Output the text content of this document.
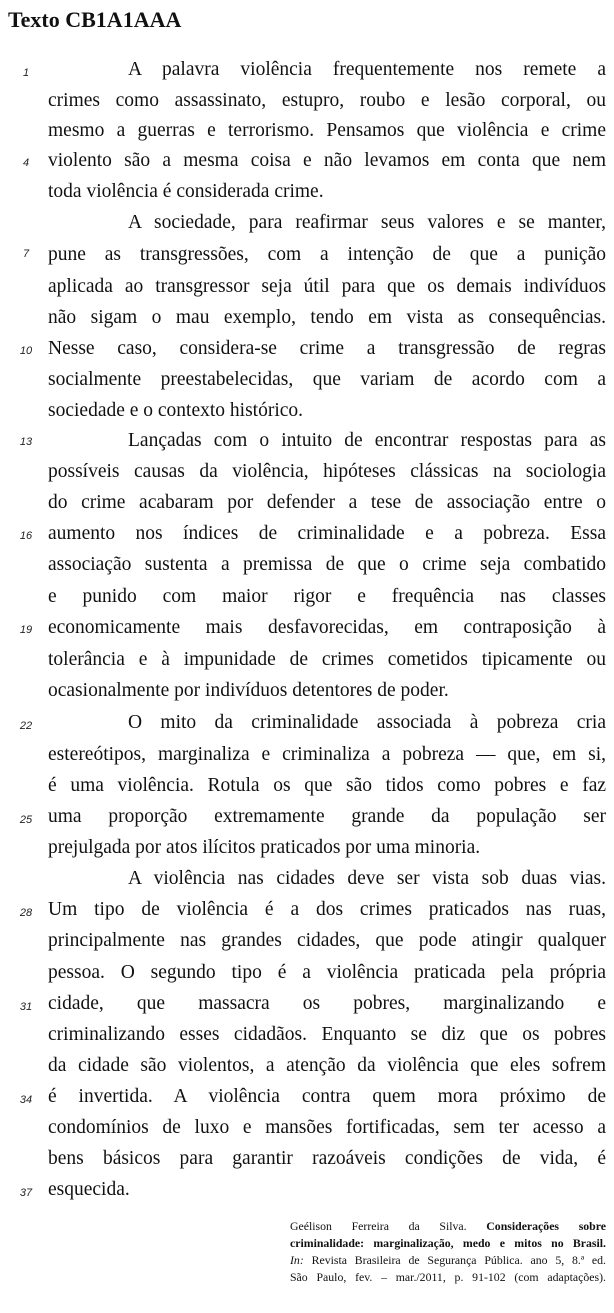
Texto CB1A1AAA
1
4
7
10
13
16
19
22
25
28
31
34
37
A palavra violência frequentemente nos remete a
crimes como assassinato, estupro, roubo e lesão corporal, ou
mesmo a guerras e terrorismo. Pensamos que violência e crime
violento são a mesma coisa e não levamos em conta que nem
toda violência é considerada crime.
A sociedade, para reafirmar seus valores e se manter,
pune as transgressões, com a intenção de que a punição
aplicada ao transgressor seja útil para que os demais indivíduos
não sigam o mau exemplo, tendo em vista as consequências.
Nesse caso, considera-se crime a transgressão de regras
socialmente preestabelecidas, que variam de acordo com a
sociedade e o contexto histórico.
Lançadas com o intuito de encontrar respostas para as
possíveis causas da violência, hipóteses clássicas na sociologia
do crime acabaram por defender a tese de associação entre o
aumento nos índices de criminalidade e a pobreza. Essa
associação sustenta a premissa de que o crime seja combatido
e punido com maior rigor e frequência nas classes
economicamente mais desfavorecidas, em contraposição à
tolerância e à impunidade de crimes cometidos tipicamente ou
ocasionalmente por indivíduos detentores de poder.
O mito da criminalidade associada à pobreza cria
estereótipos, marginaliza e criminaliza a pobreza — que, em si,
é uma violência. Rotula os que são tidos como pobres e faz
uma proporção extremamente grande da população ser
prejulgada por atos ilícitos praticados por uma minoria.
A violência nas cidades deve ser vista sob duas vias.
Um tipo de violência é a dos crimes praticados nas ruas,
principalmente nas grandes cidades, que pode atingir qualquer
pessoa. O segundo tipo é a violência praticada pela própria
cidade, que massacra os pobres, marginalizando e
criminalizando esses cidadãos. Enquanto se diz que os pobres
da cidade são violentos, a atenção da violência que eles sofrem
é invertida. A violência contra quem mora próximo de
condomínios de luxo e mansões fortificadas, sem ter acesso a
bens básicos para garantir razoáveis condições de vida, é
esquecida.
Geélison Ferreira da Silva. Considerações sobre
criminalidade: marginalização, medo e mitos no Brasil.
In: Revista Brasileira de Segurança Pública. ano 5, 8.ª ed.
São Paulo, fev. – mar./2011, p. 91-102 (com adaptações).
